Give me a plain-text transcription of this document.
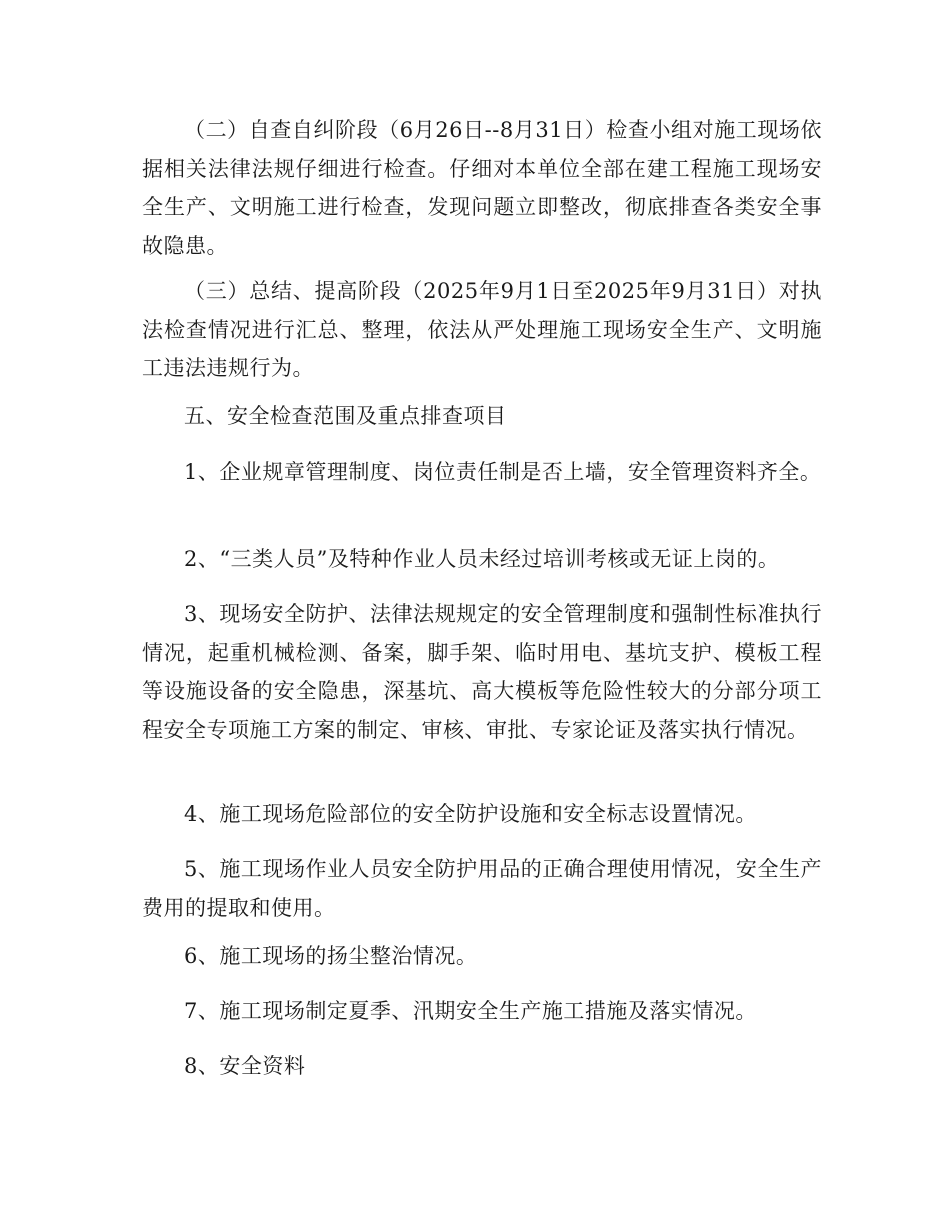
（二）自查自纠阶段（6月26日--8月31日）检查小组对施工现场依据相关法律法规仔细进行检查。仔细对本单位全部在建工程施工现场安全生产、文明施工进行检查，发现问题立即整改，彻底排查各类安全事故隐患。

（三）总结、提高阶段（2025年9月1日至2025年9月31日）对执法检查情况进行汇总、整理，依法从严处理施工现场安全生产、文明施工违法违规行为。

五、安全检查范围及重点排查项目

1、企业规章管理制度、岗位责任制是否上墙，安全管理资料齐全。

2、“三类人员”及特种作业人员未经过培训考核或无证上岗的。

3、现场安全防护、法律法规规定的安全管理制度和强制性标准执行情况，起重机械检测、备案，脚手架、临时用电、基坑支护、模板工程等设施设备的安全隐患，深基坑、高大模板等危险性较大的分部分项工程安全专项施工方案的制定、审核、审批、专家论证及落实执行情况。

4、施工现场危险部位的安全防护设施和安全标志设置情况。

5、施工现场作业人员安全防护用品的正确合理使用情况，安全生产费用的提取和使用。

6、施工现场的扬尘整治情况。

7、施工现场制定夏季、汛期安全生产施工措施及落实情况。

8、安全资料
